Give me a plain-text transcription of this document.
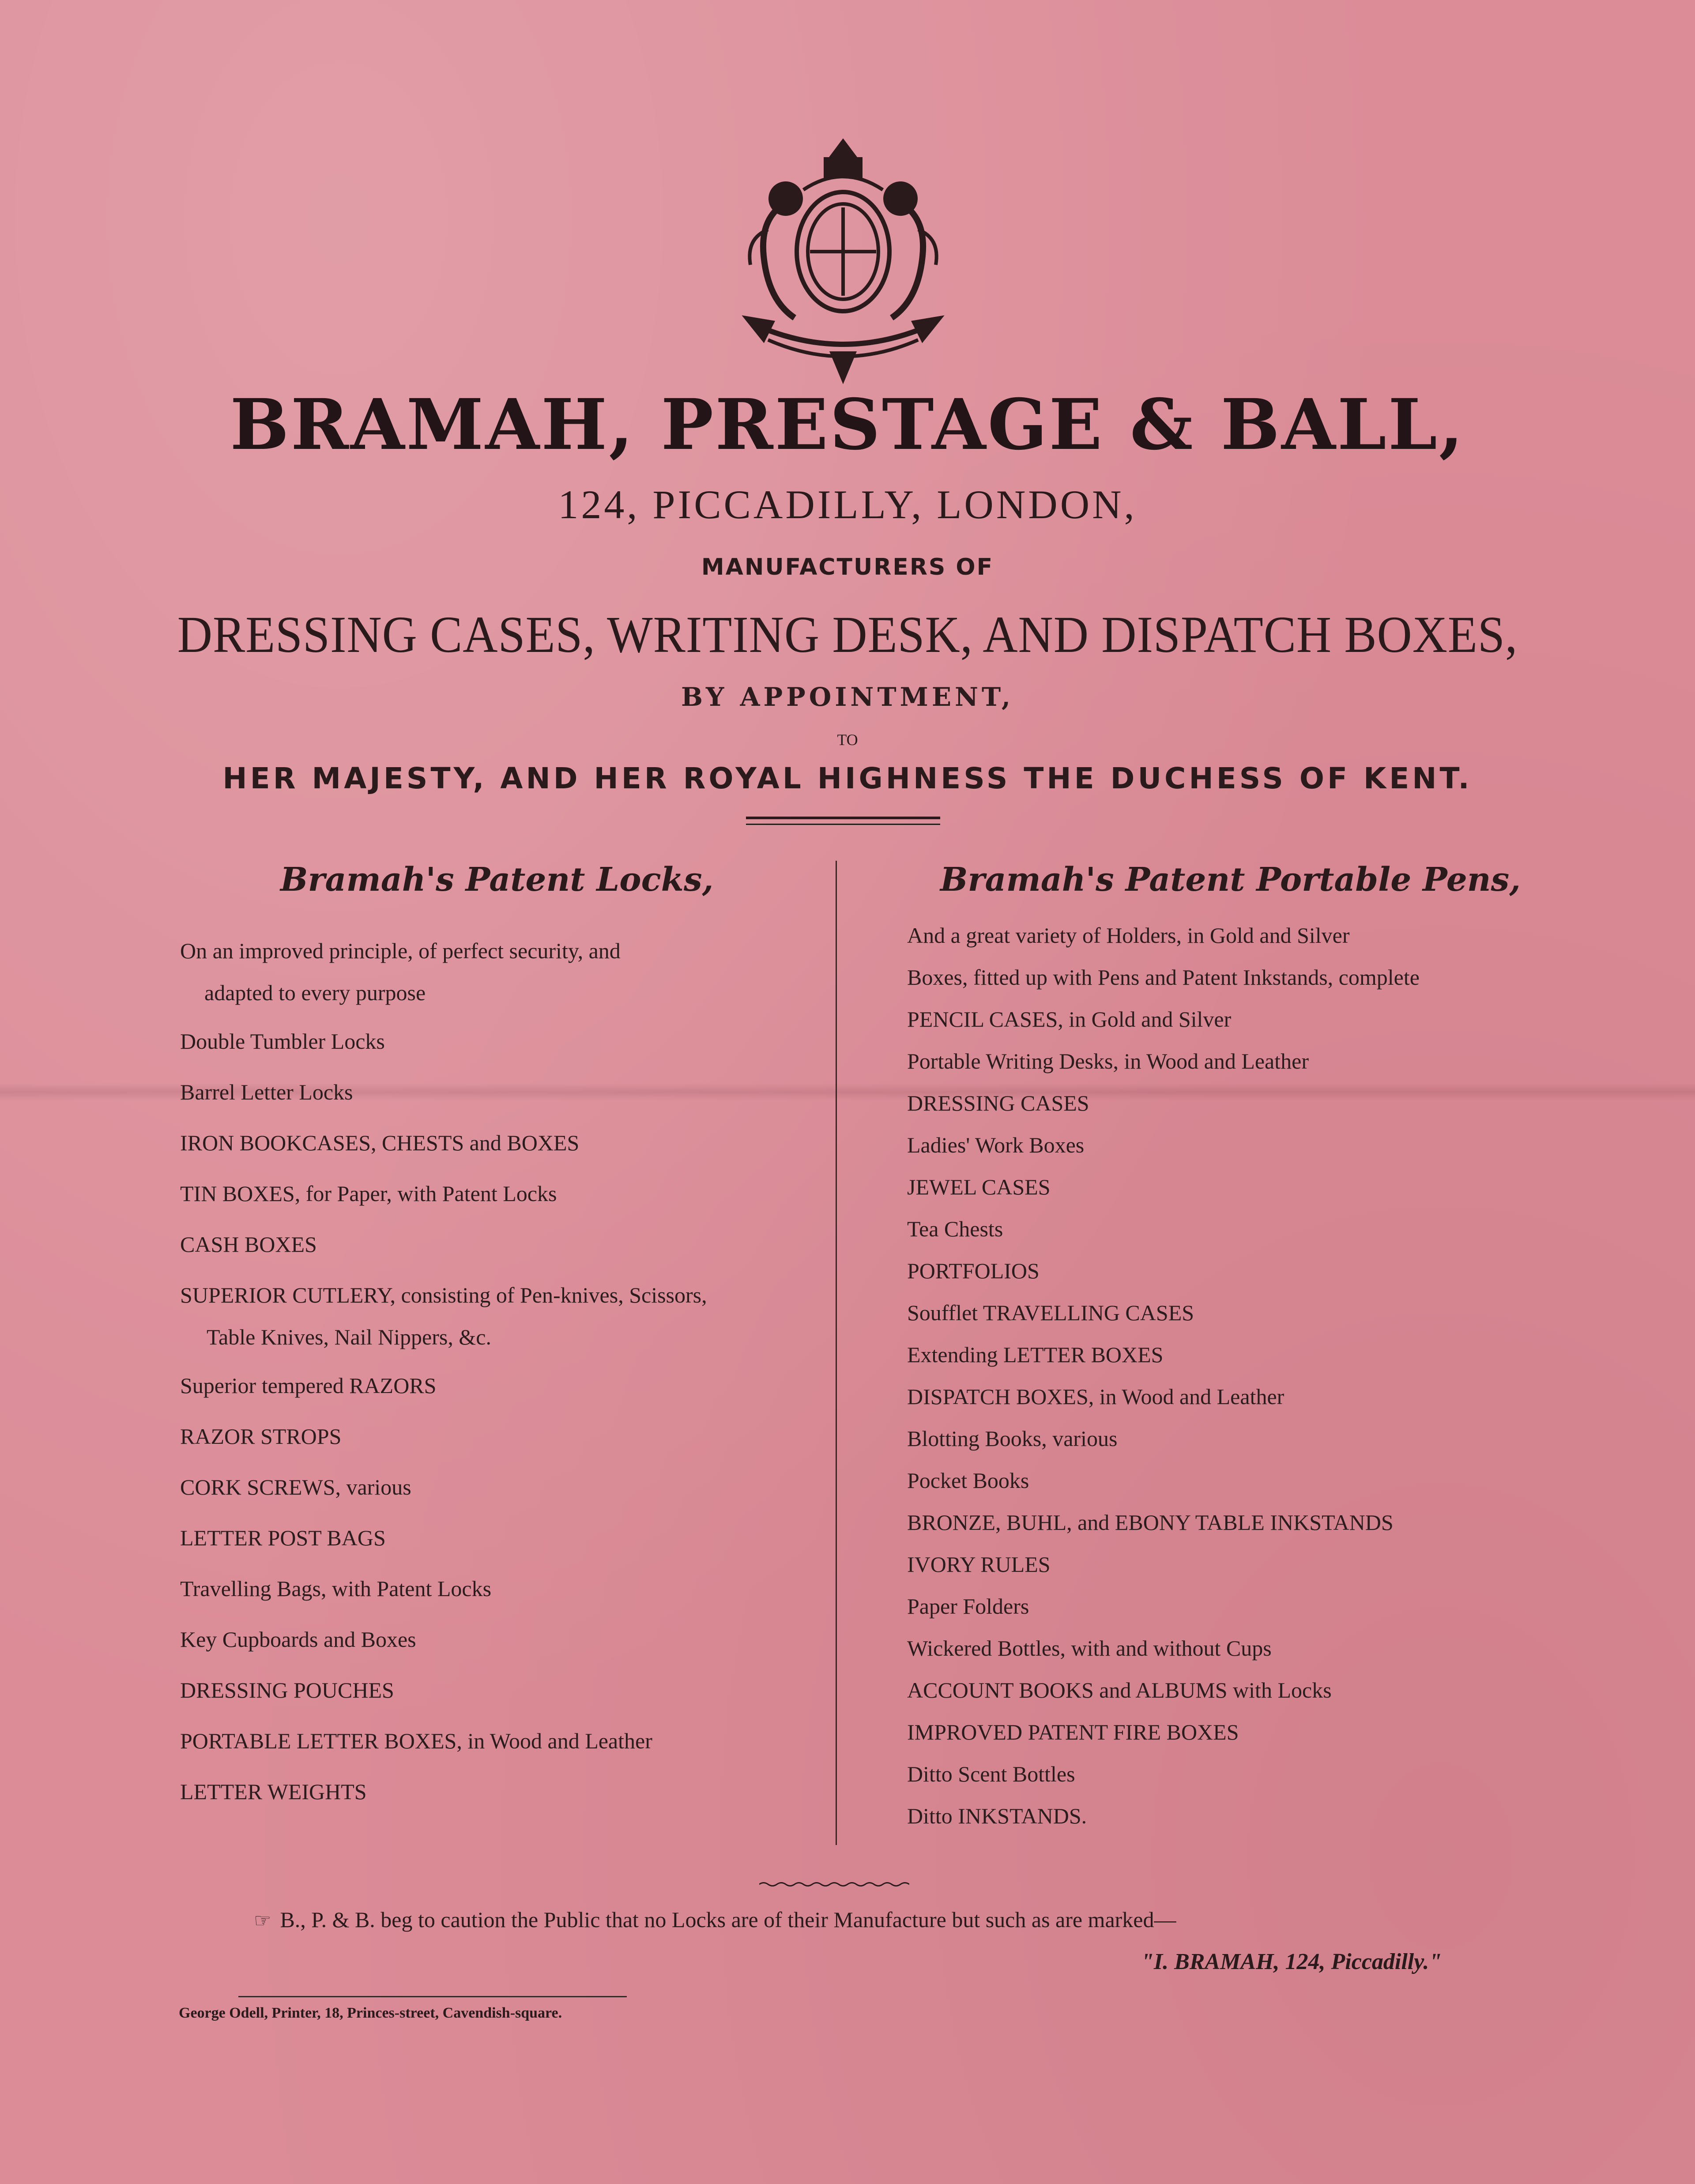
BRAMAH, PRESTAGE & BALL,
124, PICCADILLY, LONDON,
MANUFACTURERS OF
DRESSING CASES, WRITING DESK, AND DISPATCH BOXES,
BY APPOINTMENT,
TO
HER MAJESTY, AND HER ROYAL HIGHNESS THE DUCHESS OF KENT.
Bramah's Patent Locks,	Bramah's Patent Portable Pens,
On an improved principle, of perfect security, and
adapted to every purpose
Double Tumbler Locks
Barrel Letter Locks
IRON BOOKCASES, CHESTS and BOXES
TIN BOXES, for Paper, with Patent Locks
CASH BOXES
SUPERIOR CUTLERY, consisting of Pen-knives, Scissors,
Table Knives, Nail Nippers, &c.
Superior tempered RAZORS
RAZOR STROPS
CORK SCREWS, various
LETTER POST BAGS
Travelling Bags, with Patent Locks
Key Cupboards and Boxes
DRESSING POUCHES
PORTABLE LETTER BOXES, in Wood and Leather
LETTER WEIGHTS
And a great variety of Holders, in Gold and Silver
Boxes, fitted up with Pens and Patent Inkstands, complete
PENCIL CASES, in Gold and Silver
Portable Writing Desks, in Wood and Leather
DRESSING CASES
Ladies' Work Boxes
JEWEL CASES
Tea Chests
PORTFOLIOS
Soufflet TRAVELLING CASES
Extending LETTER BOXES
DISPATCH BOXES, in Wood and Leather
Blotting Books, various
Pocket Books
BRONZE, BUHL, and EBONY TABLE INKSTANDS
IVORY RULES
Paper Folders
Wickered Bottles, with and without Cups
ACCOUNT BOOKS and ALBUMS with Locks
IMPROVED PATENT FIRE BOXES
Ditto Scent Bottles
Ditto INKSTANDS.
☞ B., P. & B. beg to caution the Public that no Locks are of their Manufacture but such as are marked—
"I. BRAMAH, 124, Piccadilly."
George Odell, Printer, 18, Princes-street, Cavendish-square.
